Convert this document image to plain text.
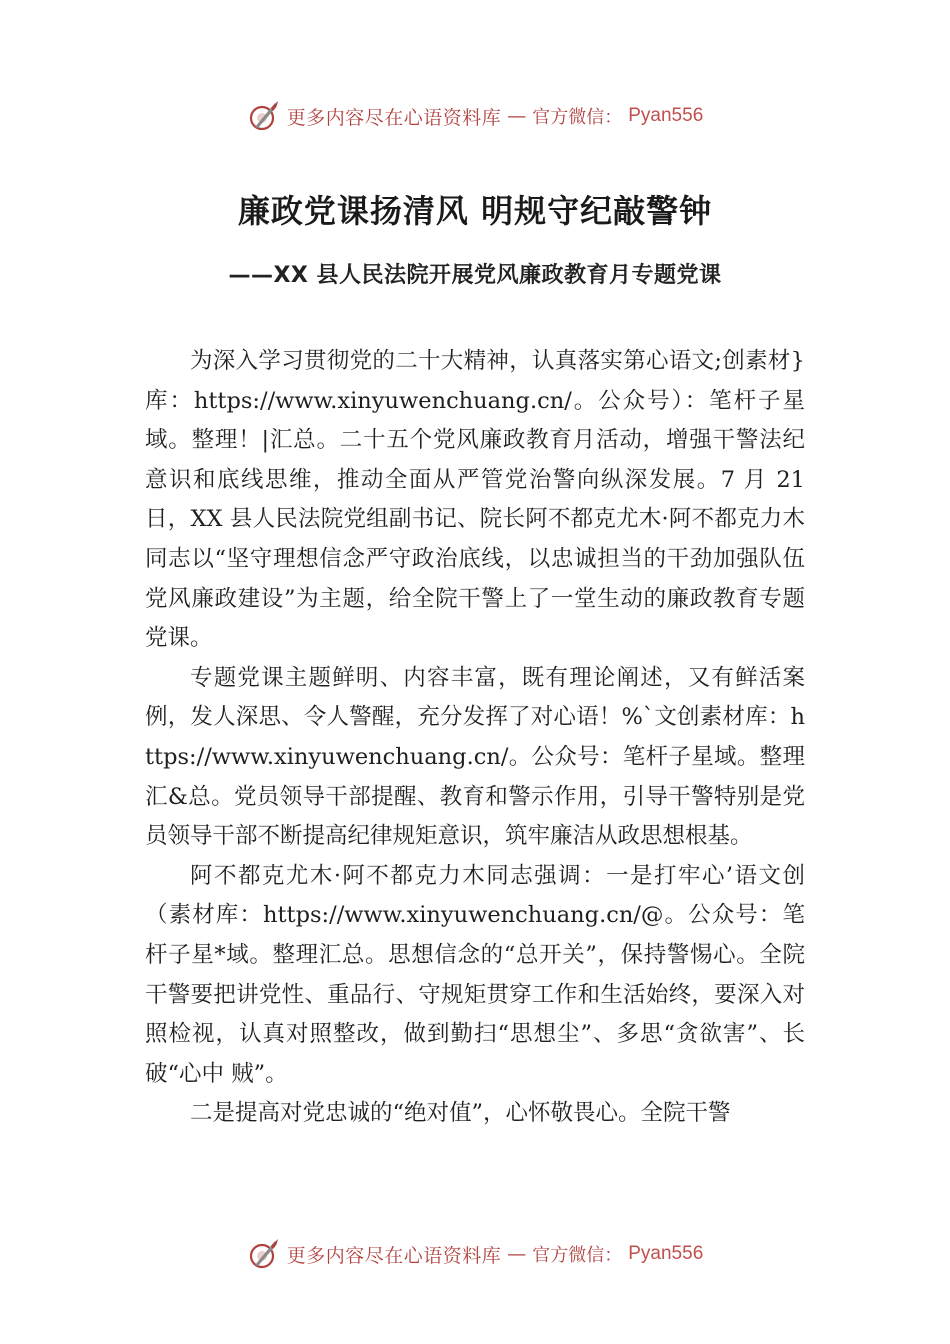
更多内容尽在心语资料库 — 官方微信： Pyan556
廉政党课扬清风 明规守纪敲警钟
——XX 县人民法院开展党风廉政教育月专题党课

为深入学习贯彻党的二十大精神，认真落实第心语文;创素材}库：https://www.xinyuwenchuang.cn/。公众号）：笔杆子星域。整理！|汇总。二十五个党风廉政教育月活动，增强干警法纪意识和底线思维，推动全面从严管党治警向纵深发展。7 月 21 日，XX 县人民法院党组副书记、院长阿不都克尤木·阿不都克力木同志以“坚守理想信念严守政治底线，以忠诚担当的干劲加强队伍党风廉政建设”为主题，给全院干警上了一堂生动的廉政教育专题党课。

专题党课主题鲜明、内容丰富，既有理论阐述，又有鲜活案例，发人深思、令人警醒，充分发挥了对心语！%`文创素材库：https://www.xinyuwenchuang.cn/。公众号：笔杆子星域。整理汇&总。党员领导干部提醒、教育和警示作用，引导干警特别是党员领导干部不断提高纪律规矩意识，筑牢廉洁从政思想根基。

阿不都克尤木·阿不都克力木同志强调：一是打牢心’语文创（素材库：https://www.xinyuwenchuang.cn/@。公众号：笔杆子星*域。整理汇总。思想信念的“总开关”，保持警惕心。全院干警要把讲党性、重品行、守规矩贯穿工作和生活始终，要深入对照检视，认真对照整改，做到勤扫“思想尘”、多思“贪欲害”、长破“心中 贼”。

二是提高对党忠诚的“绝对值”，心怀敬畏心。全院干警

更多内容尽在心语资料库 — 官方微信： Pyan556
